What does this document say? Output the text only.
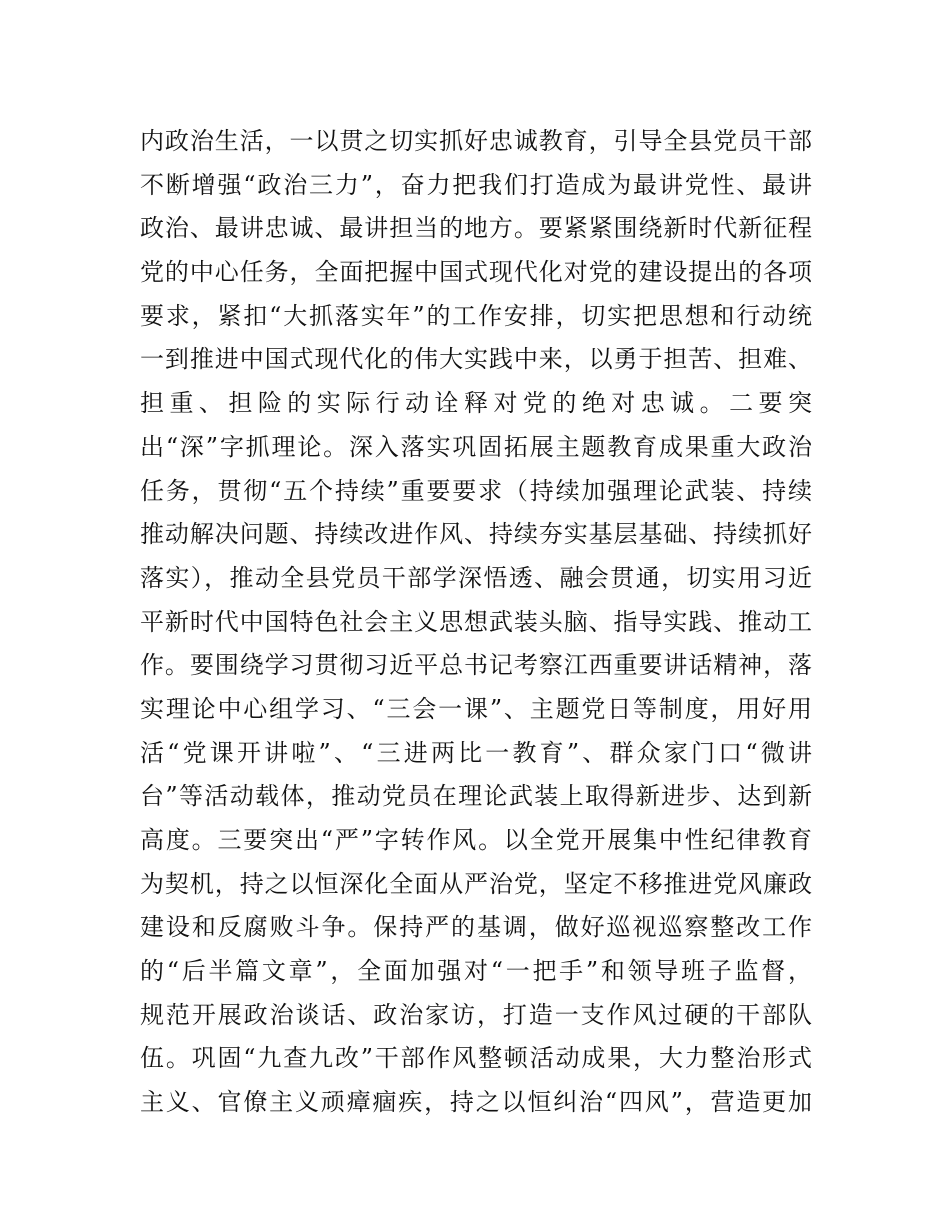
内政治生活，一以贯之切实抓好忠诚教育，引导全县党员干部
不断增强“政治三力”，奋力把我们打造成为最讲党性、最讲
政治、最讲忠诚、最讲担当的地方。要紧紧围绕新时代新征程
党的中心任务，全面把握中国式现代化对党的建设提出的各项
要求，紧扣“大抓落实年”的工作安排，切实把思想和行动统
一到推进中国式现代化的伟大实践中来，以勇于担苦、担难、
担重、担险的实际行动诠释对党的绝对忠诚。二要突
出“深”字抓理论。深入落实巩固拓展主题教育成果重大政治
任务，贯彻“五个持续”重要要求（持续加强理论武装、持续
推动解决问题、持续改进作风、持续夯实基层基础、持续抓好
落实），推动全县党员干部学深悟透、融会贯通，切实用习近
平新时代中国特色社会主义思想武装头脑、指导实践、推动工
作。要围绕学习贯彻习近平总书记考察江西重要讲话精神，落
实理论中心组学习、“三会一课”、主题党日等制度，用好用
活“党课开讲啦”、“三进两比一教育”、群众家门口“微讲
台”等活动载体，推动党员在理论武装上取得新进步、达到新
高度。三要突出“严”字转作风。以全党开展集中性纪律教育
为契机，持之以恒深化全面从严治党，坚定不移推进党风廉政
建设和反腐败斗争。保持严的基调，做好巡视巡察整改工作
的“后半篇文章”，全面加强对“一把手”和领导班子监督，
规范开展政治谈话、政治家访，打造一支作风过硬的干部队
伍。巩固“九查九改”干部作风整顿活动成果，大力整治形式
主义、官僚主义顽瘴痼疾，持之以恒纠治“四风”，营造更加
